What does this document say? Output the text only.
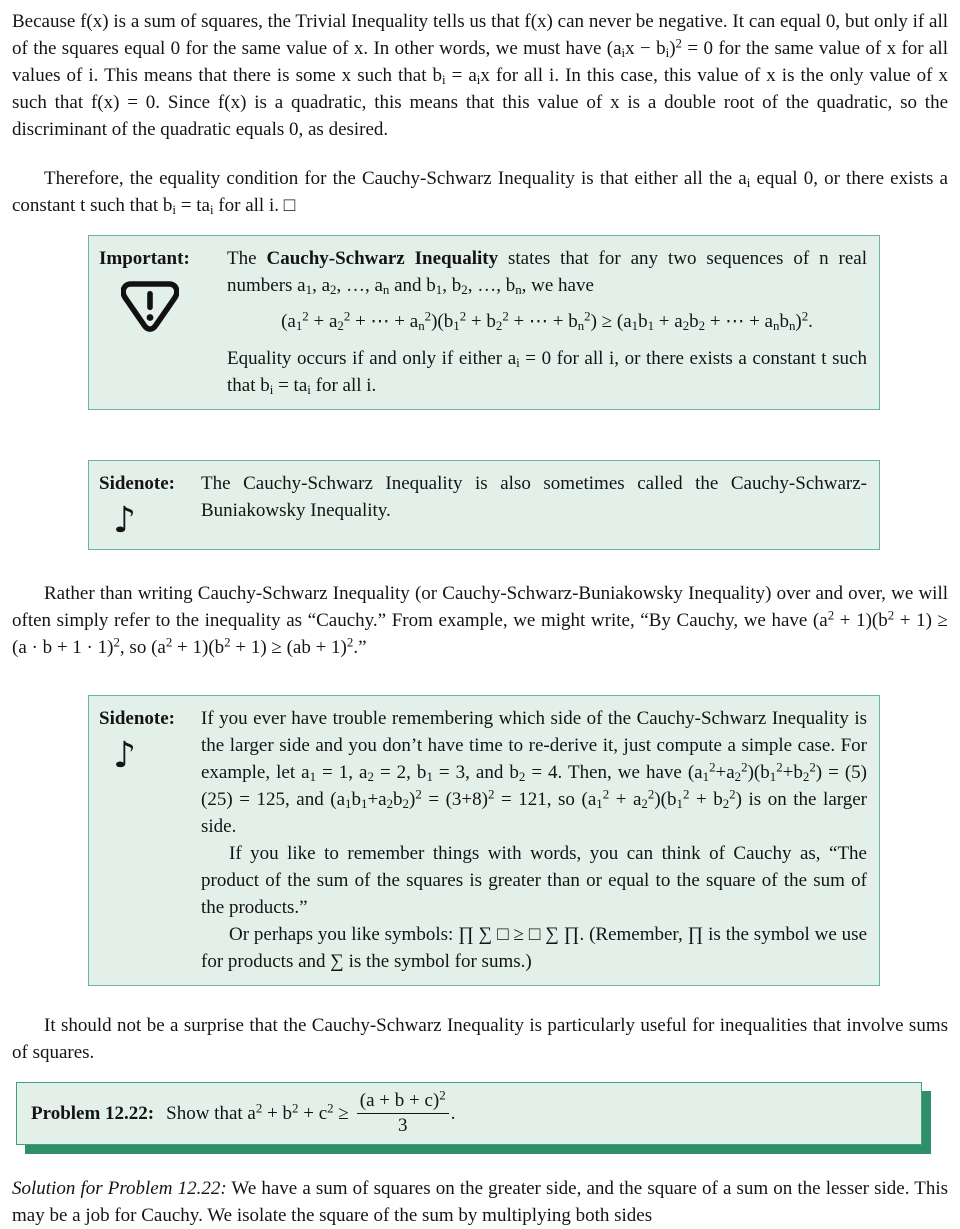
Because f(x) is a sum of squares, the Trivial Inequality tells us that f(x) can never be negative. It can equal 0, but only if all of the squares equal 0 for the same value of x. In other words, we must have $(a_ix - b_i)^2 = 0$ for the same value of x for all values of i. This means that there is some x such that $b_i = a_ix$ for all i. In this case, this value of x is the only value of x such that f(x) = 0. Since f(x) is a quadratic, this means that this value of x is a double root of the quadratic, so the discriminant of the quadratic equals 0, as desired.

Therefore, the equality condition for the Cauchy-Schwarz Inequality is that either all the $a_i$ equal 0, or there exists a constant t such that $b_i = ta_i$ for all i. □

Important: The Cauchy-Schwarz Inequality states that for any two sequences of n real numbers $a_1$, $a_2$, …, $a_n$ and $b_1$, $b_2$, …, $b_n$, we have

($a_1^2 + a_2^2$ + ⋯ + $a_n^2)(b_1^2 + b_2^2$ + ⋯ + $b_n^2) \ge (a_1b_1 + a_2b_2$ + ⋯ + $a_nb_n)^2$.

Equality occurs if and only if either $a_i = 0$ for all i, or there exists a constant t such that $b_i = ta_i$ for all i.

Sidenote:
♪

The Cauchy-Schwarz Inequality is also sometimes called the Cauchy-Schwarz-Buniakowsky Inequality.

Rather than writing Cauchy-Schwarz Inequality (or Cauchy-Schwarz-Buniakowsky Inequality) over and over, we will often simply refer to the inequality as “Cauchy.” From example, we might write, “By Cauchy, we have $(a^2 + 1)(b^2 + 1) \ge (a \cdot b + 1 \cdot 1)^2$, so $(a^2 + 1)(b^2 + 1) \ge (ab + 1)^2$.”

Sidenote:
♪

If you ever have trouble remembering which side of the Cauchy-Schwarz Inequality is the larger side and you don’t have time to re-derive it, just compute a simple case. For example, let $a_1 = 1$, $a_2 = 2$, $b_1 = 3$, and $b_2 = 4$. Then, we have $(a_1^2+a_2^2)(b_1^2+b_2^2) = (5)(25) = 125$, and $(a_1b_1+a_2b_2)^2 = (3+8)^2 = 121$, so $(a_1^2 + a_2^2)(b_1^2 + b_2^2)$ is on the larger side.

If you like to remember things with words, you can think of Cauchy as, “The product of the sum of the squares is greater than or equal to the square of the sum of the products.”

Or perhaps you like symbols: ∏ ∑ □ ≥ □ ∑ ∏. (Remember, ∏ is the symbol we use for products and ∑ is the symbol for sums.)

It should not be a surprise that the Cauchy-Schwarz Inequality is particularly useful for inequalities that involve sums of squares.

Problem 12.22: Show that $a^2 + b^2 + c^2 \ge \frac{(a + b + c)^2}{3}$ .

Solution for Problem 12.22: We have a sum of squares on the greater side, and the square of a sum on the lesser side. This may be a job for Cauchy. We isolate the square of the sum by multiplying both sides
